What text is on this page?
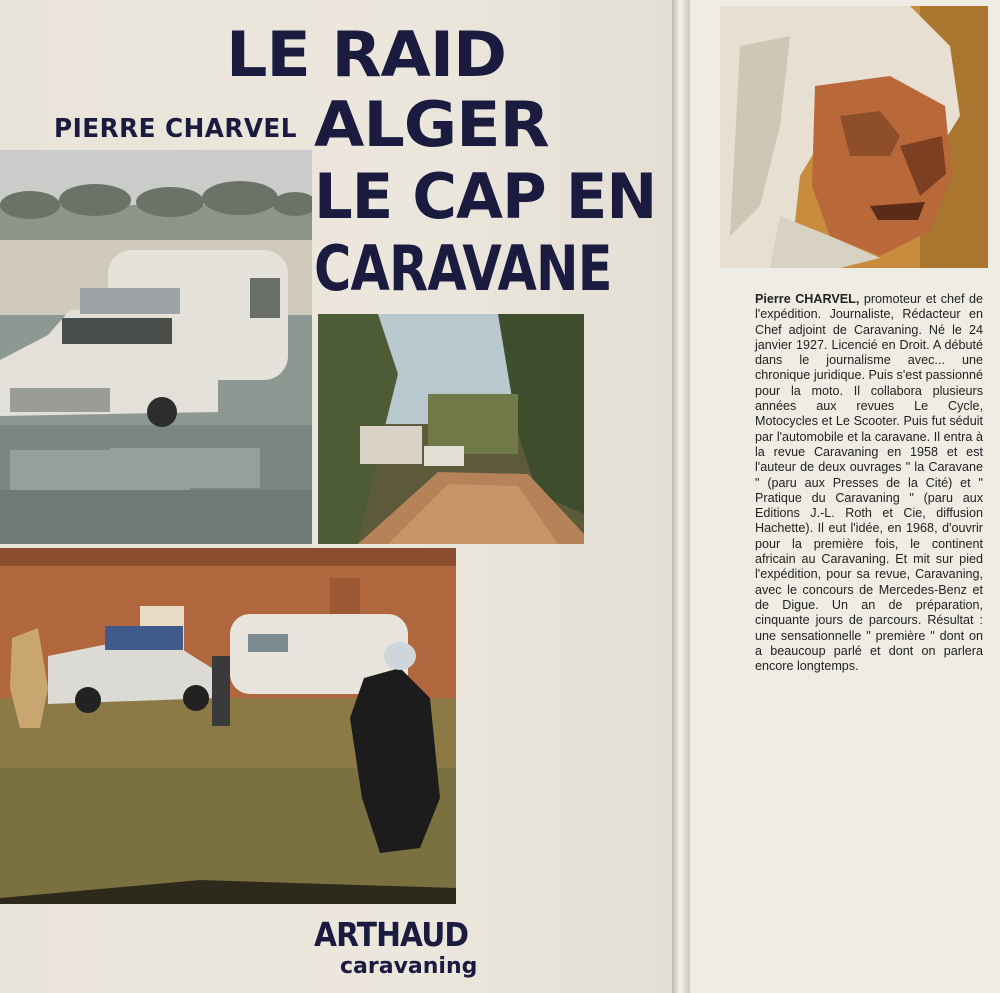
LE RAID
ALGER
LE CAP EN
CARAVANE

PIERRE CHARVEL

ARTHAUD

caravaning

Pierre CHARVEL, promoteur et chef de l'expédition. Journaliste, Rédacteur en Chef adjoint de Caravaning. Né le 24 janvier 1927. Licencié en Droit. A débuté dans le journalisme avec... une chronique juridique. Puis s'est passionné pour la moto. Il collabora plusieurs années aux revues Le Cycle, Motocycles et Le Scooter. Puis fut séduit par l'automobile et la caravane. Il entra à la revue Caravaning en 1958 et est l'auteur de deux ouvrages " la Caravane " (paru aux Presses de la Cité) et " Pratique du Caravaning " (paru aux Editions J.-L. Roth et Cie, diffusion Hachette). Il eut l'idée, en 1968, d'ouvrir pour la première fois, le continent africain au Caravaning. Et mit sur pied l'expédition, pour sa revue, Caravaning, avec le concours de Mercedes-Benz et de Digue. Un an de préparation, cinquante jours de parcours. Résultat : une sensationnelle " première " dont on a beaucoup parlé et dont on parlera encore longtemps.
